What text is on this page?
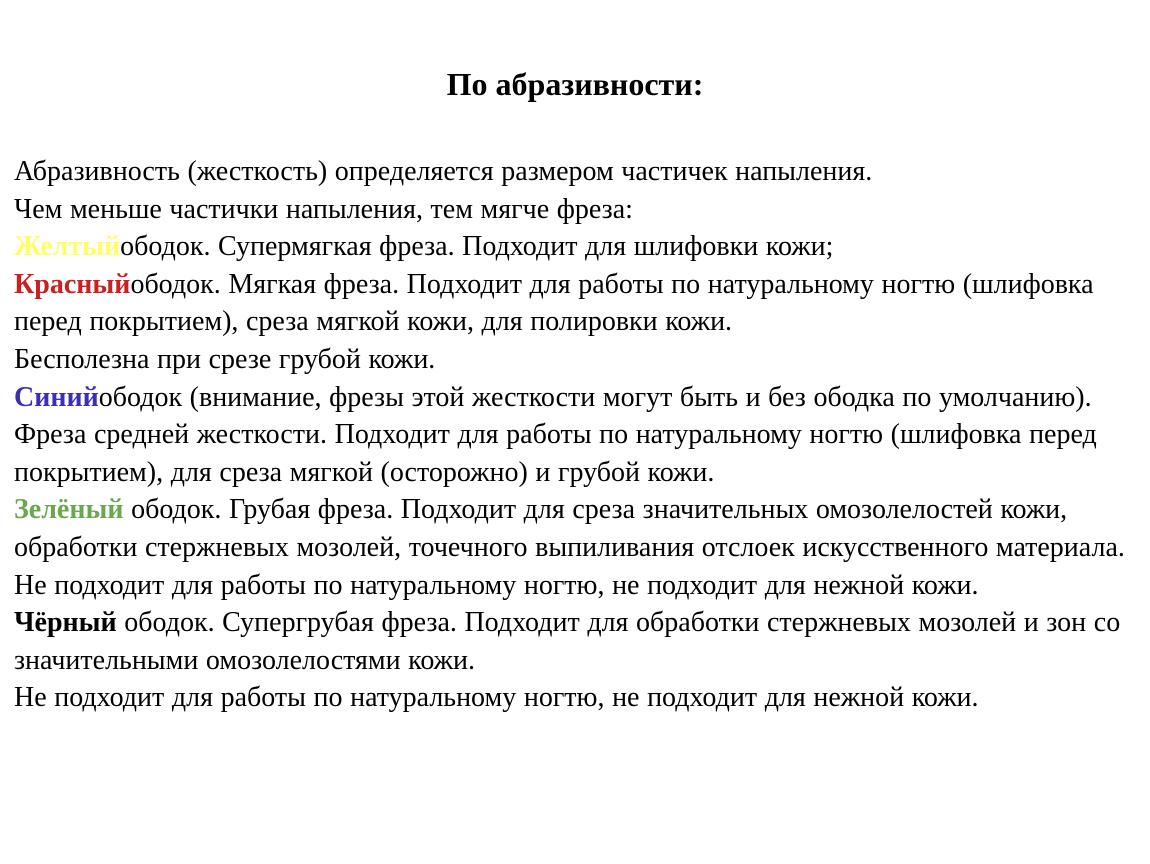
По абразивности:

Абразивность (жесткость) определяется размером частичек напыления.

Чем меньше частички напыления, тем мягче фреза:

Желтыйободок. Супермягкая фреза. Подходит для шлифовки кожи;

Красныйободок. Мягкая фреза. Подходит для работы по натуральному ногтю (шлифовка перед покрытием), среза мягкой кожи, для полировки кожи.

Бесполезна при срезе грубой кожи.

Синийободок (внимание, фрезы этой жесткости могут быть и без ободка по умолчанию). Фреза средней жесткости. Подходит для работы по натуральному ногтю (шлифовка перед покрытием), для среза мягкой (осторожно) и грубой кожи.

Зелёный ободок. Грубая фреза. Подходит для среза значительных омозолелостей кожи, обработки стержневых мозолей, точечного выпиливания отслоек искусственного материала.

Не подходит для работы по натуральному ногтю, не подходит для нежной кожи.

Чёрный ободок. Супергрубая фреза. Подходит для обработки стержневых мозолей и зон со значительными омозолелостями кожи.

Не подходит для работы по натуральному ногтю, не подходит для нежной кожи.
